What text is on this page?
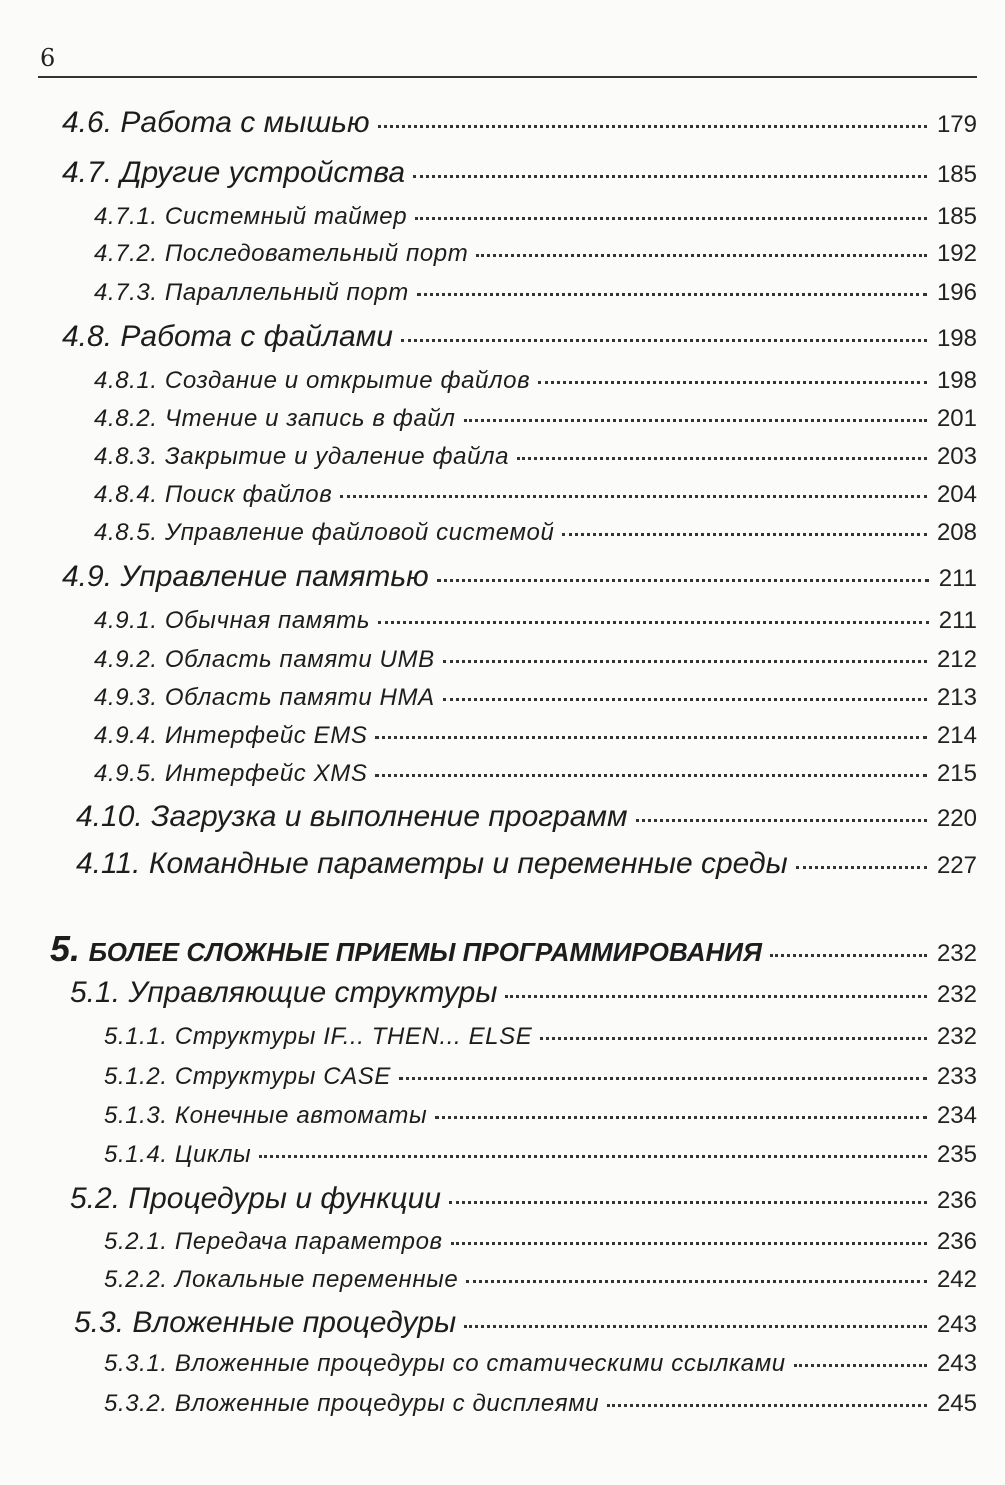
6
4.6. Работа с мышью	179
4.7. Другие устройства	185
4.7.1. Системный таймер	185
4.7.2. Последовательный порт	192
4.7.3. Параллельный порт	196
4.8. Работа с файлами	198
4.8.1. Создание и открытие файлов	198
4.8.2. Чтение и запись в файл	201
4.8.3. Закрытие и удаление файла	203
4.8.4. Поиск файлов	204
4.8.5. Управление файловой системой	208
4.9. Управление памятью	211
4.9.1. Обычная память	211
4.9.2. Область памяти UMB	212
4.9.3. Область памяти HMA	213
4.9.4. Интерфейс EMS	214
4.9.5. Интерфейс XMS	215
4.10. Загрузка и выполнение программ	220
4.11. Командные параметры и переменные среды	227
5. БОЛЕЕ СЛОЖНЫЕ ПРИЕМЫ ПРОГРАММИРОВАНИЯ	232
5.1. Управляющие структуры	232
5.1.1. Структуры IF... THEN... ELSE	232
5.1.2. Структуры CASE	233
5.1.3. Конечные автоматы	234
5.1.4. Циклы	235
5.2. Процедуры и функции	236
5.2.1. Передача параметров	236
5.2.2. Локальные переменные	242
5.3. Вложенные процедуры	243
5.3.1. Вложенные процедуры со статическими ссылками	243
5.3.2. Вложенные процедуры с дисплеями	245
